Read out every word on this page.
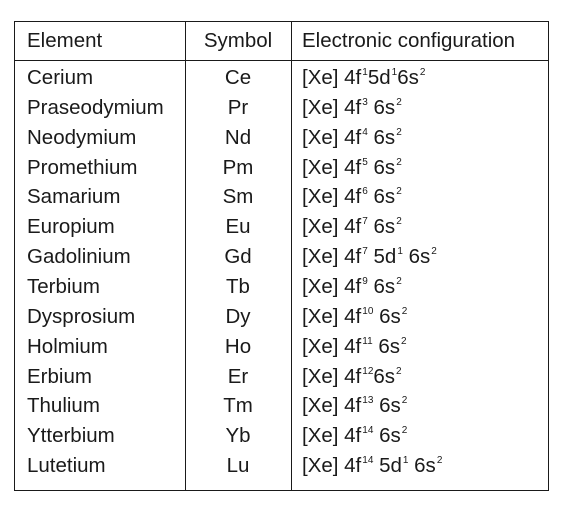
Element	Symbol	Electronic configuration
Cerium	Ce	[Xe] $4f^15d^16s^2$
Praseodymium	Pr	[Xe] $4f^3$ $6s^2$
Neodymium	Nd	[Xe] $4f^4$ $6s^2$
Promethium	Pm	[Xe] $4f^5$ $6s^2$
Samarium	Sm	[Xe] $4f^6$ $6s^2$
Europium	Eu	[Xe] $4f^7$ $6s^2$
Gadolinium	Gd	[Xe] $4f^7$ $5d^1$ $6s^2$
Terbium	Tb	[Xe] $4f^9$ $6s^2$
Dysprosium	Dy	[Xe] $4f^{10}$ $6s^2$
Holmium	Ho	[Xe] $4f^{11}$ $6s^2$
Erbium	Er	[Xe] $4f^{12}6s^2$
Thulium	Tm	[Xe] $4f^{13}$ $6s^2$
Ytterbium	Yb	[Xe] $4f^{14}$ $6s^2$
Lutetium	Lu	[Xe] $4f^{14}$ $5d^1$ $6s^2$
